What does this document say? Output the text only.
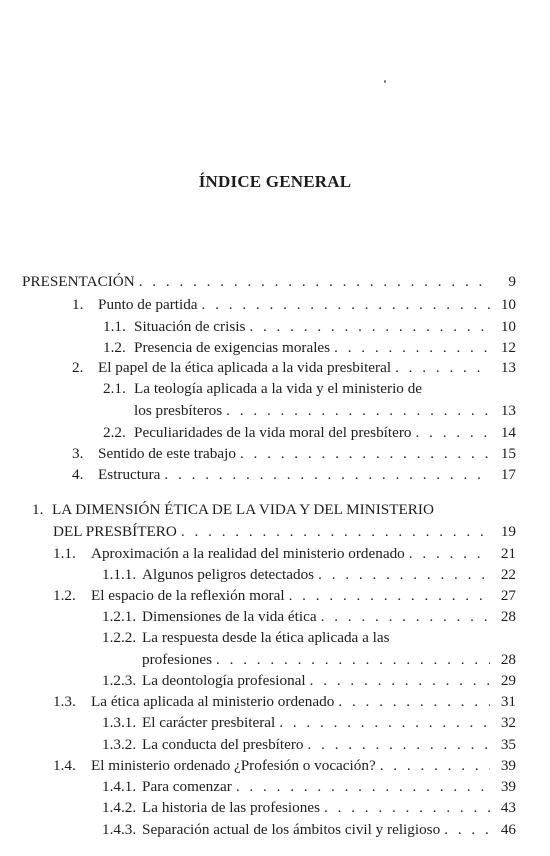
ÍNDICE GENERAL
PRESENTACIÓN . . .	9
1. Punto de partida . . .	10
1.1. Situación de crisis . . .	10
1.2. Presencia de exigencias morales . . .	12
2. El papel de la ética aplicada a la vida presbiteral . . .	13
2.1. La teología aplicada a la vida y el ministerio de
los presbíteros . . .	13
2.2. Peculiaridades de la vida moral del presbítero . . .	14
3. Sentido de este trabajo . . .	15
4. Estructura . . .	17
1. LA DIMENSIÓN ÉTICA DE LA VIDA Y DEL MINISTERIO
DEL PRESBÍTERO . . .	19
1.1.	Aproximación a la realidad del ministerio ordenado . . .	21
1.1.1. Algunos peligros detectados . . .	22
1.2.	El espacio de la reflexión moral . . .	27
1.2.1. Dimensiones de la vida ética . . .	28
1.2.2. La respuesta desde la ética aplicada a las
profesiones . . .	28
1.2.3. La deontología profesional . . .	29
1.3.	La ética aplicada al ministerio ordenado . . .	31
1.3.1. El carácter presbiteral . . .	32
1.3.2. La conducta del presbítero . . .	35
1.4.	El ministerio ordenado ¿Profesión o vocación? . . .	39
1.4.1. Para comenzar . . .	39
1.4.2. La historia de las profesiones . . .	43
1.4.3. Separación actual de los ámbitos civil y religioso . . .	46
